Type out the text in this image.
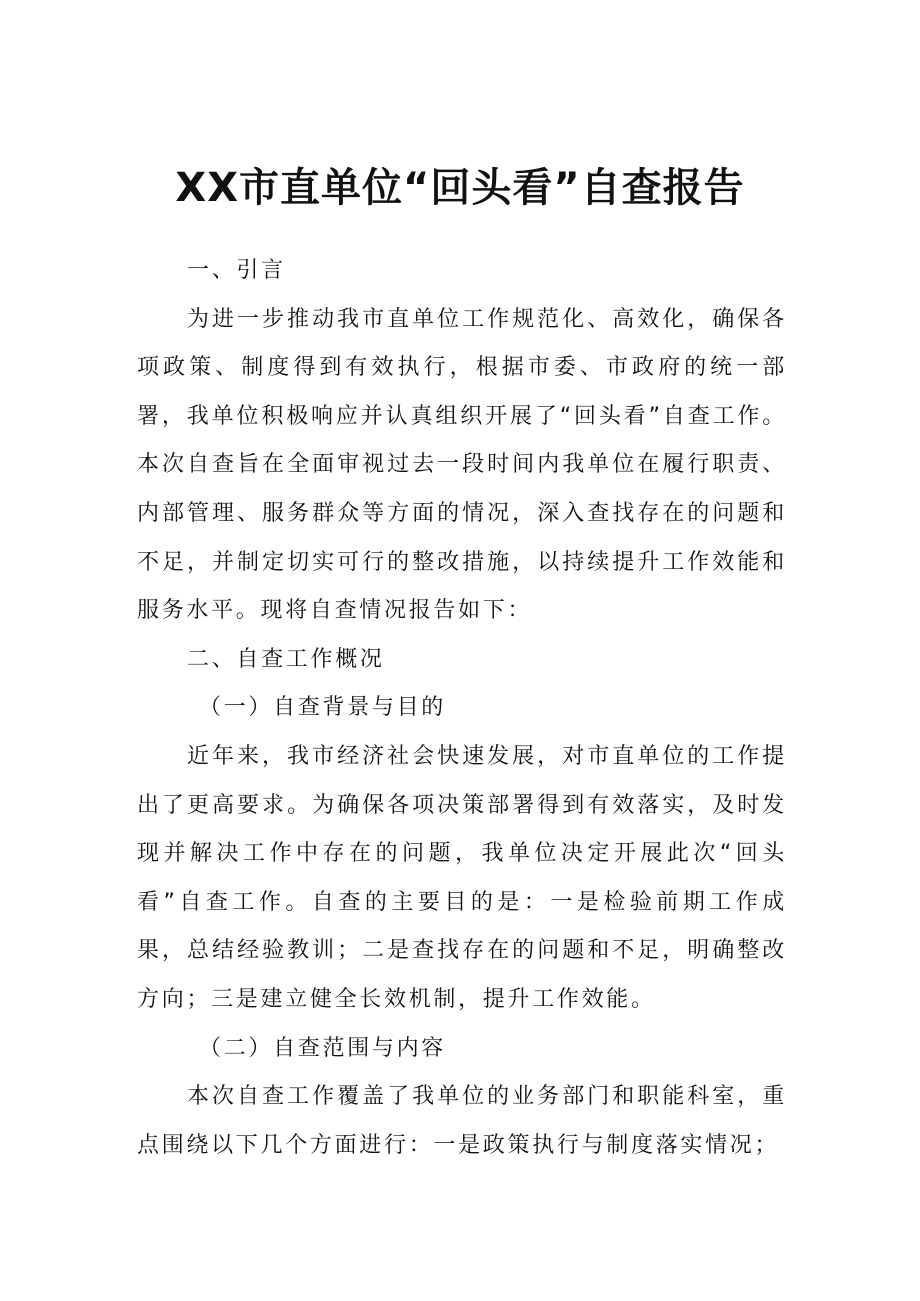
XX市直单位“回头看”自查报告

一、引言

为进一步推动我市直单位工作规范化、高效化，确保各项政策、制度得到有效执行，根据市委、市政府的统一部署，我单位积极响应并认真组织开展了“回头看”自查工作。本次自查旨在全面审视过去一段时间内我单位在履行职责、内部管理、服务群众等方面的情况，深入查找存在的问题和不足，并制定切实可行的整改措施，以持续提升工作效能和服务水平。现将自查情况报告如下：

二、自查工作概况

（一）自查背景与目的

近年来，我市经济社会快速发展，对市直单位的工作提出了更高要求。为确保各项决策部署得到有效落实，及时发现并解决工作中存在的问题，我单位决定开展此次“回头看”自查工作。自查的主要目的是：一是检验前期工作成果，总结经验教训；二是查找存在的问题和不足，明确整改方向；三是建立健全长效机制，提升工作效能。

（二）自查范围与内容

本次自查工作覆盖了我单位的业务部门和职能科室，重点围绕以下几个方面进行：一是政策执行与制度落实情况；
